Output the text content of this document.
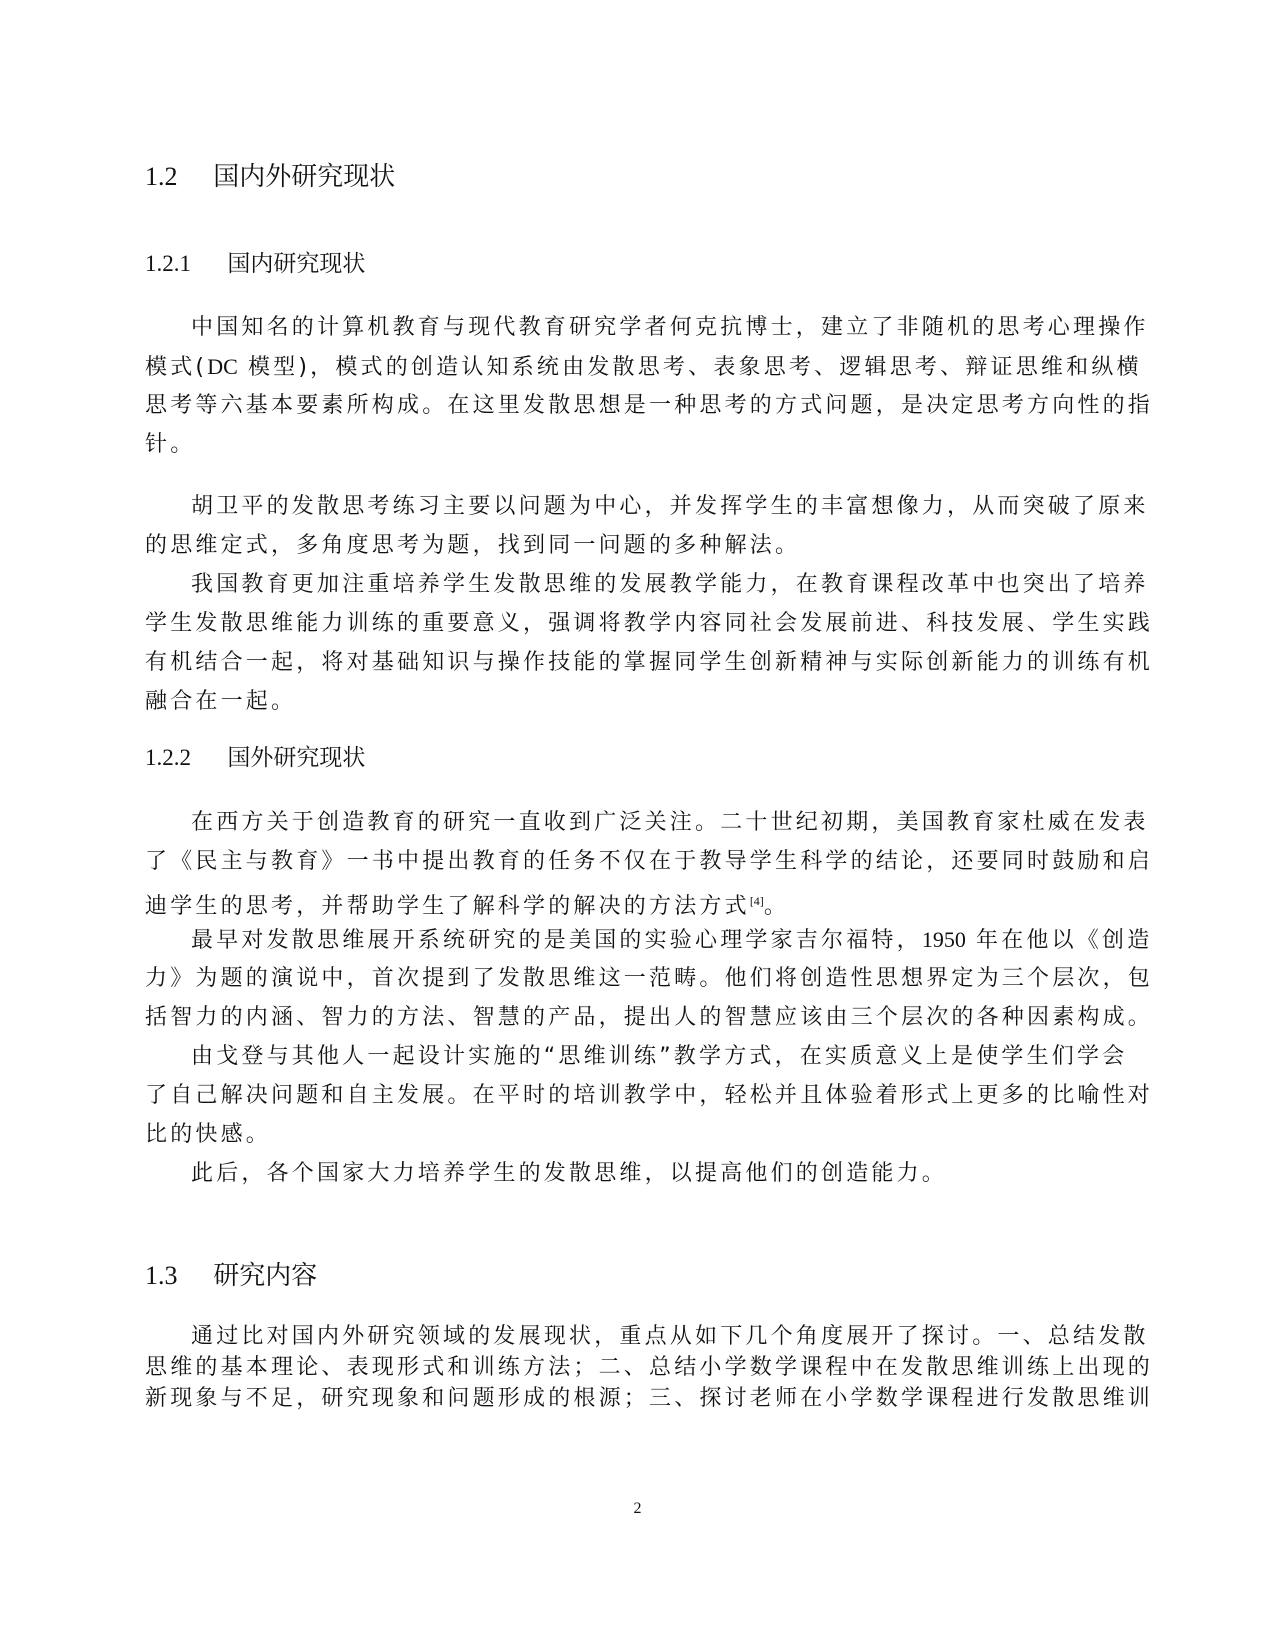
1.2 国内外研究现状
1.2.1 国内研究现状
中国知名的计算机教育与现代教育研究学者何克抗博士，建立了非随机的思考心理操作
模式(DC 模型)，模式的创造认知系统由发散思考、表象思考、逻辑思考、辩证思维和纵横
思考等六基本要素所构成。在这里发散思想是一种思考的方式问题，是决定思考方向性的指
针。
胡卫平的发散思考练习主要以问题为中心，并发挥学生的丰富想像力，从而突破了原来
的思维定式，多角度思考为题，找到同一问题的多种解法。
我国教育更加注重培养学生发散思维的发展教学能力，在教育课程改革中也突出了培养
学生发散思维能力训练的重要意义，强调将教学内容同社会发展前进、科技发展、学生实践
有机结合一起，将对基础知识与操作技能的掌握同学生创新精神与实际创新能力的训练有机
融合在一起。
1.2.2 国外研究现状
在西方关于创造教育的研究一直收到广泛关注。二十世纪初期，美国教育家杜威在发表
了《民主与教育》一书中提出教育的任务不仅在于教导学生科学的结论，还要同时鼓励和启
迪学生的思考，并帮助学生了解科学的解决的方法方式[4]。
最早对发散思维展开系统研究的是美国的实验心理学家吉尔福特，1950 年在他以《创造
力》为题的演说中，首次提到了发散思维这一范畴。他们将创造性思想界定为三个层次，包
括智力的内涵、智力的方法、智慧的产品，提出人的智慧应该由三个层次的各种因素构成。
由戈登与其他人一起设计实施的“思维训练”教学方式，在实质意义上是使学生们学会
了自己解决问题和自主发展。在平时的培训教学中，轻松并且体验着形式上更多的比喻性对
比的快感。
此后，各个国家大力培养学生的发散思维，以提高他们的创造能力。
1.3 研究内容
通过比对国内外研究领域的发展现状，重点从如下几个角度展开了探讨。一、总结发散
思维的基本理论、表现形式和训练方法；二、总结小学数学课程中在发散思维训练上出现的
新现象与不足，研究现象和问题形成的根源；三、探讨老师在小学数学课程进行发散思维训
2
